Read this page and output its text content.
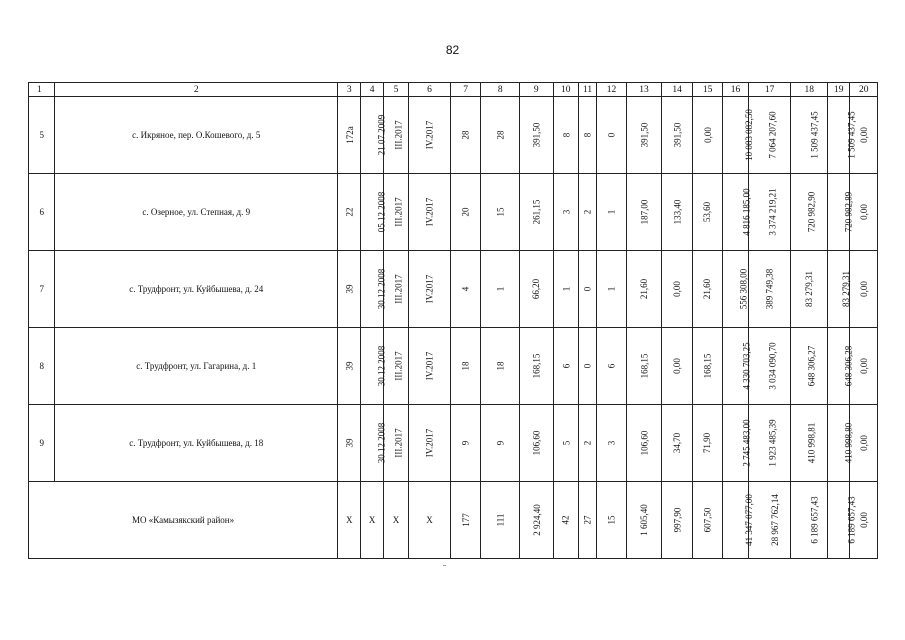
82
1	2	3	4	5	6	7	8	9	10	11	12	13	14	15	16	17	18	19	20
5	с. Икряное, пер. О.Кошевого, д. 5	172а	21.07.2009	III.2017	IV.2017	28	28	391,50	8	8	0	391,50	391,50	0,00	10 083 082,50	7 064 207,60	1 509 437,45	1 509 437,45	0,00
6	с. Озерное, ул. Степная, д. 9	22	05.12.2008	III.2017	IV.2017	20	15	261,15	3	2	1	187,00	133,40	53,60	4 816 185,00	3 374 219,21	720 982,90	720 982,89	0,00
7	с. Трудфронт, ул. Куйбышева, д. 24	39	30.12.2008	III.2017	IV.2017	4	1	66,20	1	0	1	21,60	0,00	21,60	556 308,00	389 749,38	83 279,31	83 279,31	0,00
8	с. Трудфронт, ул. Гагарина, д. 1	39	30.12.2008	III.2017	IV.2017	18	18	168,15	6	0	6	168,15	0,00	168,15	4 330 703,25	3 034 090,70	648 306,27	648 306,28	0,00
9	с. Трудфронт, ул. Куйбышева, д. 18	39	30.12.2008	III.2017	IV.2017	9	9	106,60	5	2	3	106,60	34,70	71,90	2 745 483,00	1 923 485,39	410 998,81	410 998,80	0,00
МО «Камызякский район»		X	X	X	X	177	111	2 924,40	42	27	15	1 605,40	997,90	607,50	41 347 077,00	28 967 762,14	6 189 657,43	6 189 657,43	0,00
